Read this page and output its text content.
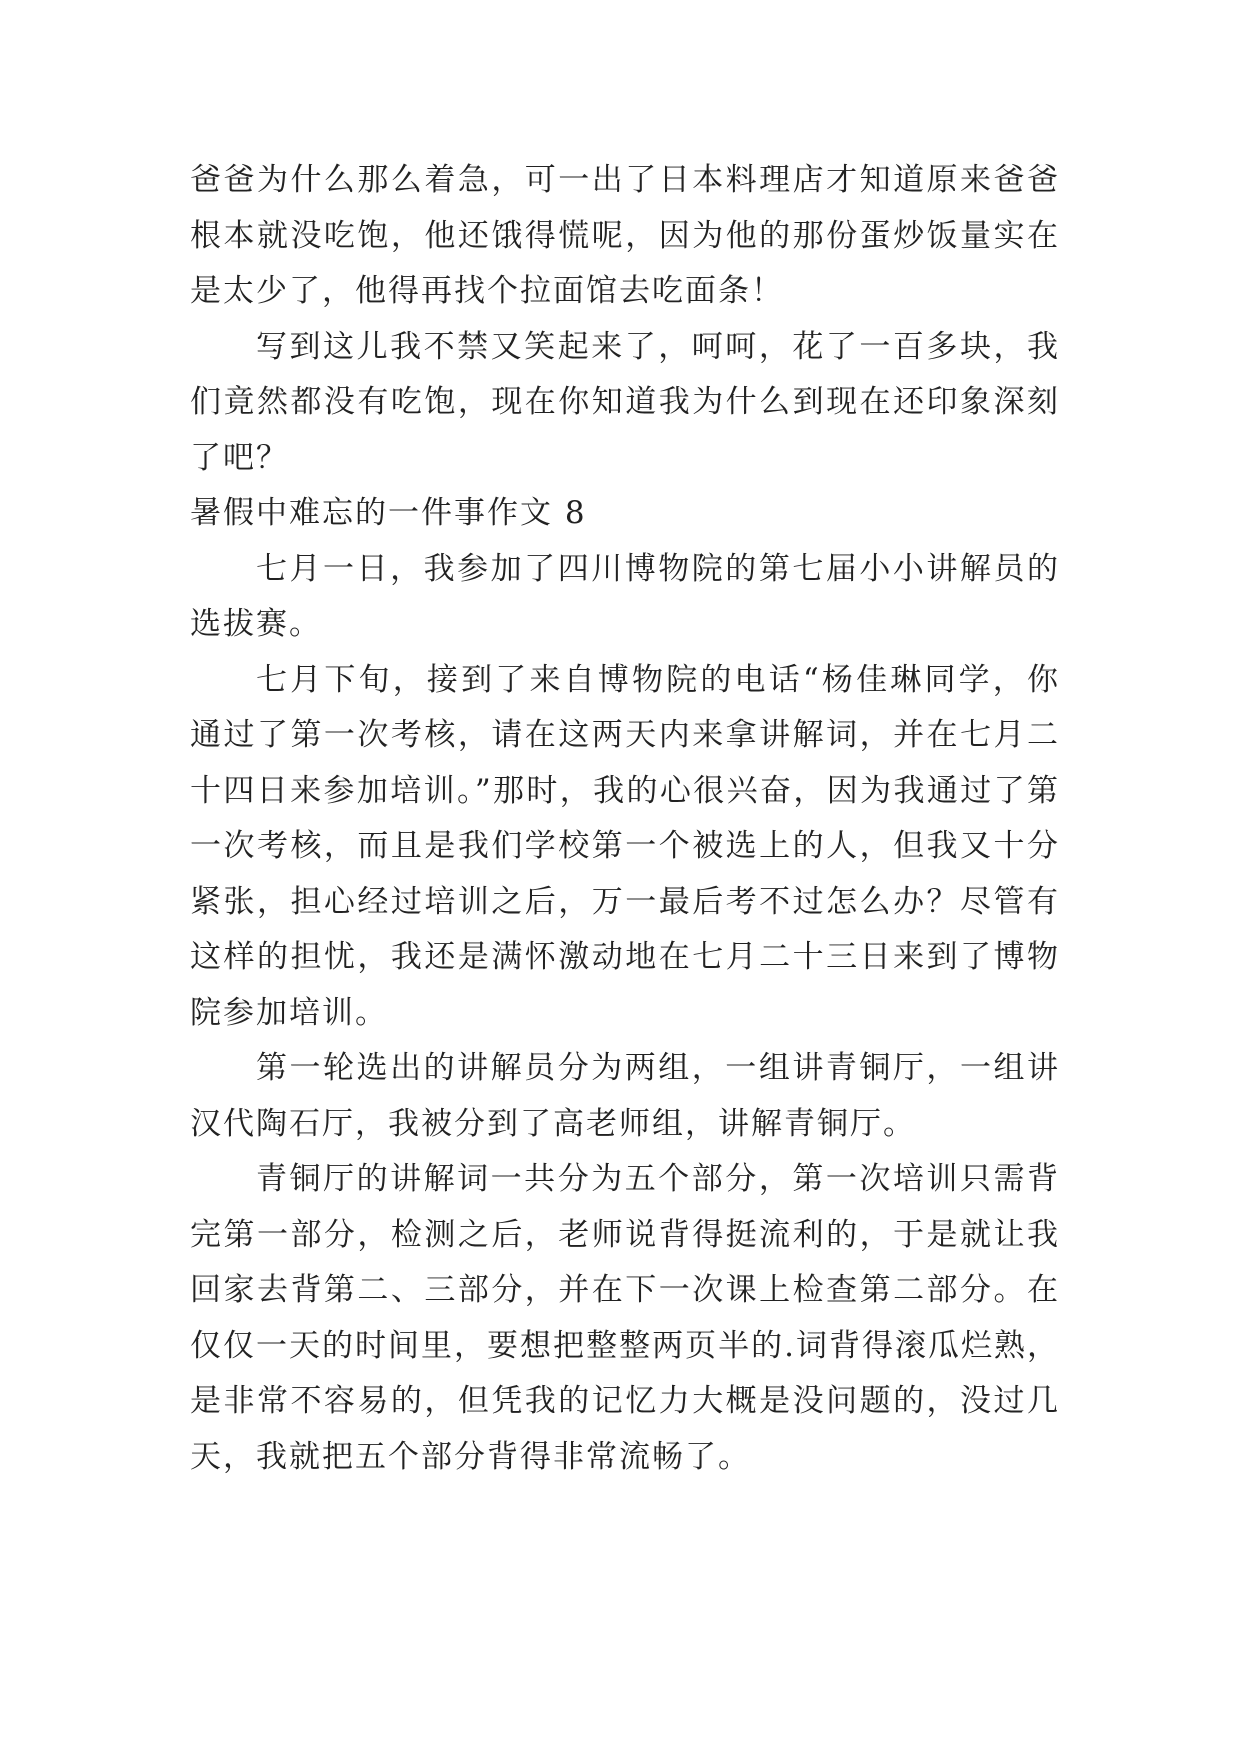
爸爸为什么那么着急，可一出了日本料理店才知道原来爸爸根本就没吃饱，他还饿得慌呢，因为他的那份蛋炒饭量实在是太少了，他得再找个拉面馆去吃面条！

写到这儿我不禁又笑起来了，呵呵，花了一百多块，我们竟然都没有吃饱，现在你知道我为什么到现在还印象深刻了吧？

暑假中难忘的一件事作文 8

七月一日，我参加了四川博物院的第七届小小讲解员的选拔赛。

七月下旬，接到了来自博物院的电话“杨佳琳同学，你通过了第一次考核，请在这两天内来拿讲解词，并在七月二十四日来参加培训。”那时，我的心很兴奋，因为我通过了第一次考核，而且是我们学校第一个被选上的人，但我又十分紧张，担心经过培训之后，万一最后考不过怎么办？尽管有这样的担忧，我还是满怀激动地在七月二十三日来到了博物院参加培训。

第一轮选出的讲解员分为两组，一组讲青铜厅，一组讲汉代陶石厅，我被分到了高老师组，讲解青铜厅。

青铜厅的讲解词一共分为五个部分，第一次培训只需背完第一部分，检测之后，老师说背得挺流利的，于是就让我回家去背第二、三部分，并在下一次课上检查第二部分。在仅仅一天的时间里，要想把整整两页半的.词背得滚瓜烂熟，是非常不容易的，但凭我的记忆力大概是没问题的，没过几天，我就把五个部分背得非常流畅了。
